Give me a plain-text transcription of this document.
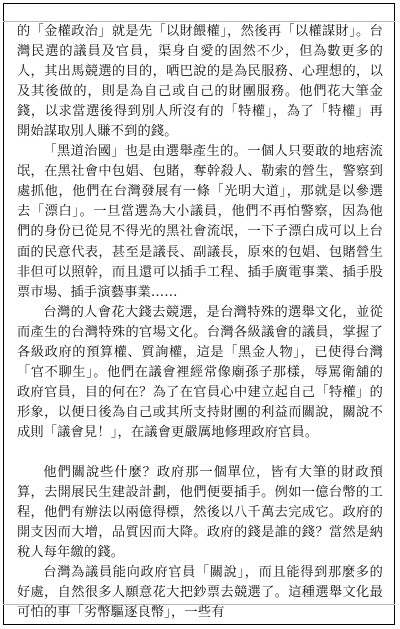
的「金權政治」就是先「以財餵權」，然後再「以權謀財」。台灣民選的議員及官員，渠身自愛的固然不少，但為數更多的人，其出馬競選的目的，哂巴說的是為民服務、心理想的，以及其後做的，則是為自己或自己的財團服務。他們花大筆金錢，以求當選後得到別人所沒有的「特權」，為了「特權」再開始謀取別人賺不到的錢。

「黑道治國」也是由選舉產生的。一個人只要敢的地痞流氓，在黑社會中包娼、包賭，奪幹殺人、勒索的營生，警察到處抓他，他們在台灣發展有一條「光明大道」，那就是以參選去「漂白」。一旦當選為大小議員，他們不再怕警察，因為他們的身份已從見不得光的黑社會流氓，一下子漂白成可以上台面的民意代表，甚至是議長、副議長，原來的包娼、包賭營生非但可以照幹，而且還可以插手工程、插手廣電事業、插手股票市場、插手演藝事業……

台灣的人會花大錢去競選，是台灣特殊的選舉文化，並從而產生的台灣特殊的官場文化。台灣各級議會的議員，掌握了各級政府的預算權、質詢權，這是「黑金人物」，已使得台灣「官不聊生」。他們在議會裡經常像廟孫子那樣，辱罵衛舖的政府官員，目的何在？為了在官員心中建立起自己「特權」的形象，以便日後為自己或其所支持財團的利益而關說，關說不成則「議會見！」，在議會更嚴厲地修理政府官員。

他們關說些什麼？政府那一個單位，皆有大筆的財政預算，去開展民生建設計劃，他們便要插手。例如一億台幣的工程，他們有辦法以兩億得標，然後以八千萬去完成它。政府的開支因而大增，品質因而大降。政府的錢是誰的錢？當然是納稅人每年繳的錢。

台灣為議員能向政府官員「關說」，而且能得到那麼多的好處，自然很多人願意花大把鈔票去競選了。這種選舉文化最可怕的事「劣幣驅逐良幣」，一些有
